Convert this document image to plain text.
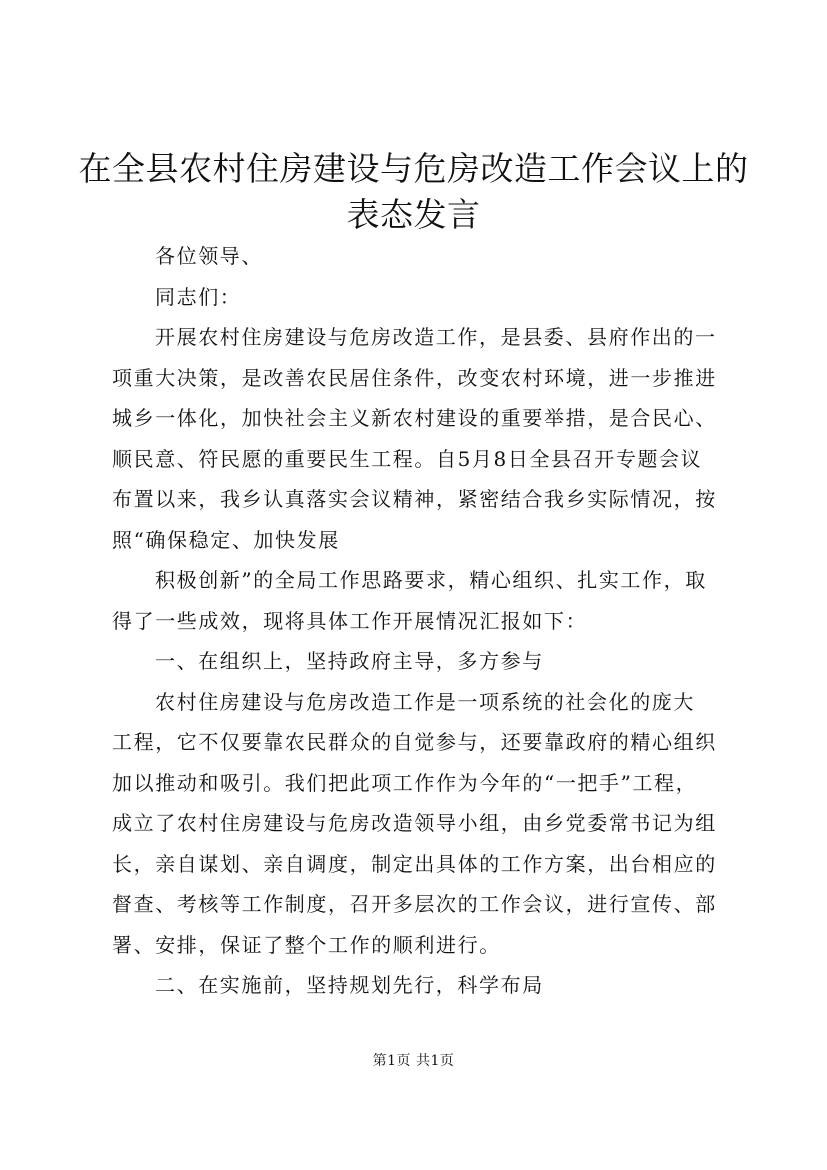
在全县农村住房建设与危房改造工作会议上的
表态发言
各位领导、
同志们：
开展农村住房建设与危房改造工作，是县委、县府作出的一
项重大决策，是改善农民居住条件，改变农村环境，进一步推进
城乡一体化，加快社会主义新农村建设的重要举措，是合民心、
顺民意、符民愿的重要民生工程。自5月8日全县召开专题会议
布置以来，我乡认真落实会议精神，紧密结合我乡实际情况，按
照“确保稳定、加快发展
积极创新”的全局工作思路要求，精心组织、扎实工作，取
得了一些成效，现将具体工作开展情况汇报如下：
一、在组织上，坚持政府主导，多方参与
农村住房建设与危房改造工作是一项系统的社会化的庞大
工程，它不仅要靠农民群众的自觉参与，还要靠政府的精心组织
加以推动和吸引。我们把此项工作作为今年的“一把手”工程，
成立了农村住房建设与危房改造领导小组，由乡党委常书记为组
长，亲自谋划、亲自调度，制定出具体的工作方案，出台相应的
督查、考核等工作制度，召开多层次的工作会议，进行宣传、部
署、安排，保证了整个工作的顺利进行。
二、在实施前，坚持规划先行，科学布局
第1页 共1页
